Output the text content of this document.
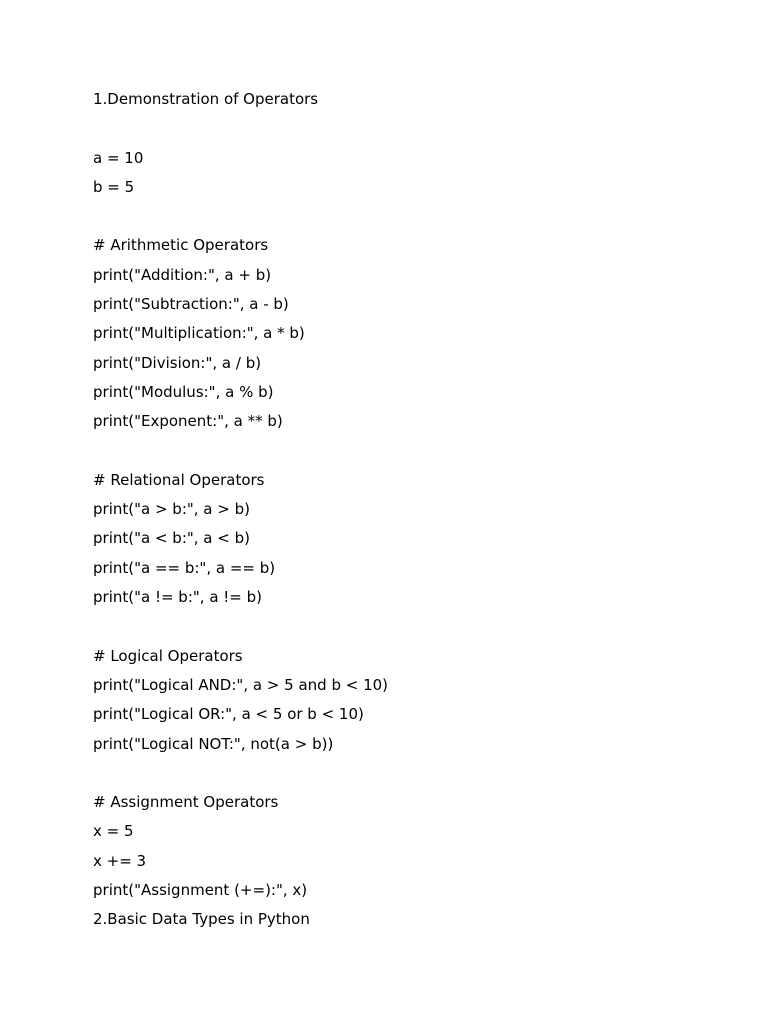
1.Demonstration of Operators
a = 10
b = 5
# Arithmetic Operators
print("Addition:", a + b)
print("Subtraction:", a - b)
print("Multiplication:", a * b)
print("Division:", a / b)
print("Modulus:", a % b)
print("Exponent:", a ** b)
# Relational Operators
print("a > b:", a > b)
print("a < b:", a < b)
print("a == b:", a == b)
print("a != b:", a != b)
# Logical Operators
print("Logical AND:", a > 5 and b < 10)
print("Logical OR:", a < 5 or b < 10)
print("Logical NOT:", not(a > b))
# Assignment Operators
x = 5
x += 3
print("Assignment (+=):", x)
2.Basic Data Types in Python
